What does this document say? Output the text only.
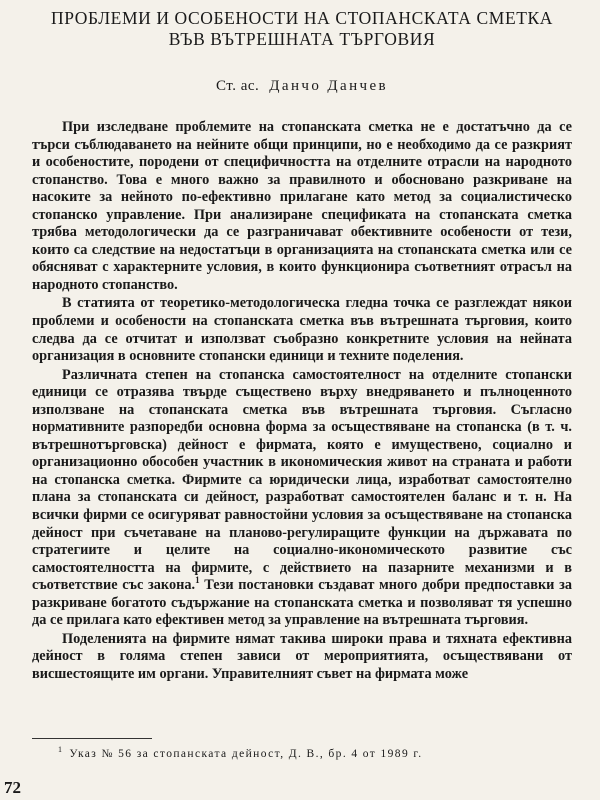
ПРОБЛЕМИ И ОСОБЕНОСТИ НА СТОПАНСКАТА СМЕТКА
ВЪВ ВЪТРЕШНАТА ТЪРГОВИЯ
Ст. ас. Данчо Данчев

При изследване проблемите на стопанската сметка не е достатъчно да се търси съблюдаването на нейните общи принципи, но е необходимо да се разкрият и особеностите, породени от специфичността на отделните отрасли на народното стопанство. Това е много важно за правилното и обосновано разкриване на насоките за нейното по-ефективно прилагане като метод за социалистическо стопанско управление. При анализиране спецификата на стопанската сметка трябва методологически да се разграничават обективните особености от тези, които са следствие на недостатъци в организацията на стопанската сметка или се обясняват с характерните условия, в които функционира съответният отрасъл на народното стопанство.

В статията от теоретико-методологическа гледна точка се разглеждат някои проблеми и особености на стопанската сметка във вътрешната търговия, които следва да се отчитат и използват съобразно конкретните условия на нейната организация в основните стопански единици и техните поделения.

Различната степен на стопанска самостоятелност на отделните стопански единици се отразява твърде съществено върху внедряването и пълноценното използване на стопанската сметка във вътрешната търговия. Съгласно нормативните разпоредби основна форма за осъществяване на стопанска (в т. ч. вътрешнотърговска) дейност е фирмата, която е имуществено, социално и организационно обособен участник в икономическия живот на страната и работи на стопанска сметка. Фирмите са юридически лица, изработват самостоятелно плана за стопанската си дейност, разработват самостоятелен баланс и т. н. На всички фирми се осигуряват равностойни условия за осъществяване на стопанска дейност при съчетаване на планово-регулиращите функции на държавата по стратегиите и целите на социално-икономическото развитие със самостоятелността на фирмите, с действието на пазарните механизми и в съответствие със закона.$^1$ Тези постановки създават много добри предпоставки за разкриване богатото съдържание на стопанската сметка и позволяват тя успешно да се прилага като ефективен метод за управление на вътрешната търговия.

Поделенията на фирмите нямат такива широки права и тяхната ефективна дейност в голяма степен зависи от мероприятията, осъществявани от висшестоящите им органи. Управителният съвет на фирмата може

$^1$ Указ № 56 за стопанската дейност, Д. В., бр. 4 от 1989 г.
72
